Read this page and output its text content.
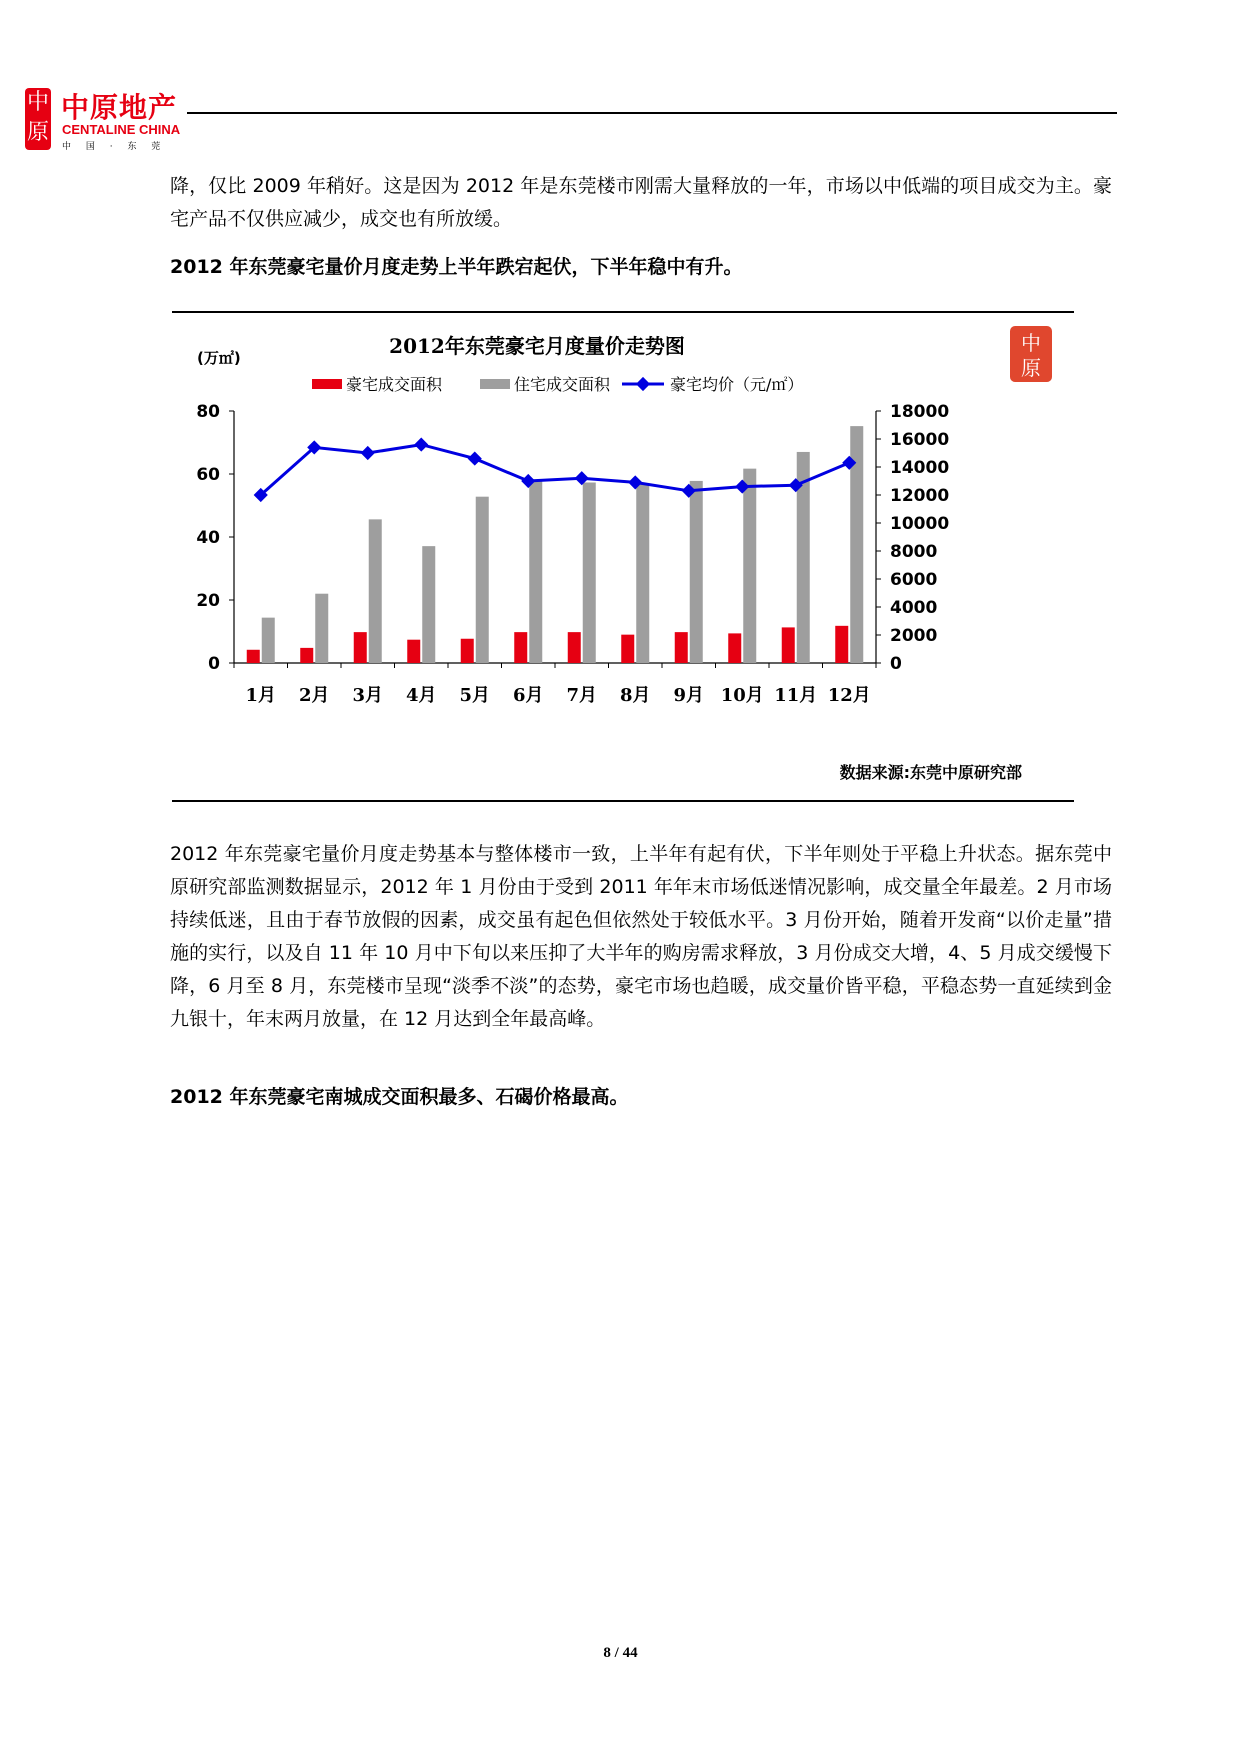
中
原
中原地产
CENTALINE CHINA
中 国 · 东 莞
降，仅比 2009 年稍好。这是因为 2012 年是东莞楼市刚需大量释放的一年，市场以中低端的项目成交为主。豪宅产品不仅供应减少，成交也有所放缓。
2012 年东莞豪宅量价月度走势上半年跌宕起伏，下半年稳中有升。
2012年东莞豪宅月度量价走势图
(万㎡)
中
原
豪宅成交面积	住宅成交面积	豪宅均价（元/㎡）
0
20
40
60
80
0
2000
4000
6000
8000
10000
12000
14000
16000
18000
1月 2月 3月 4月 5月 6月 7月 8月 9月 10月 11月 12月
数据来源:东莞中原研究部
2012 年东莞豪宅量价月度走势基本与整体楼市一致，上半年有起有伏，下半年则处于平稳上升状态。据东莞中原研究部监测数据显示，2012 年 1 月份由于受到 2011 年年末市场低迷情况影响，成交量全年最差。2 月市场持续低迷，且由于春节放假的因素，成交虽有起色但依然处于较低水平。3 月份开始，随着开发商“以价走量”措施的实行，以及自 11 年 10 月中下旬以来压抑了大半年的购房需求释放，3 月份成交大增，4、5 月成交缓慢下降，6 月至 8 月，东莞楼市呈现“淡季不淡”的态势，豪宅市场也趋暖，成交量价皆平稳，平稳态势一直延续到金九银十，年末两月放量，在 12 月达到全年最高峰。
2012 年东莞豪宅南城成交面积最多、石碣价格最高。
8 / 44
